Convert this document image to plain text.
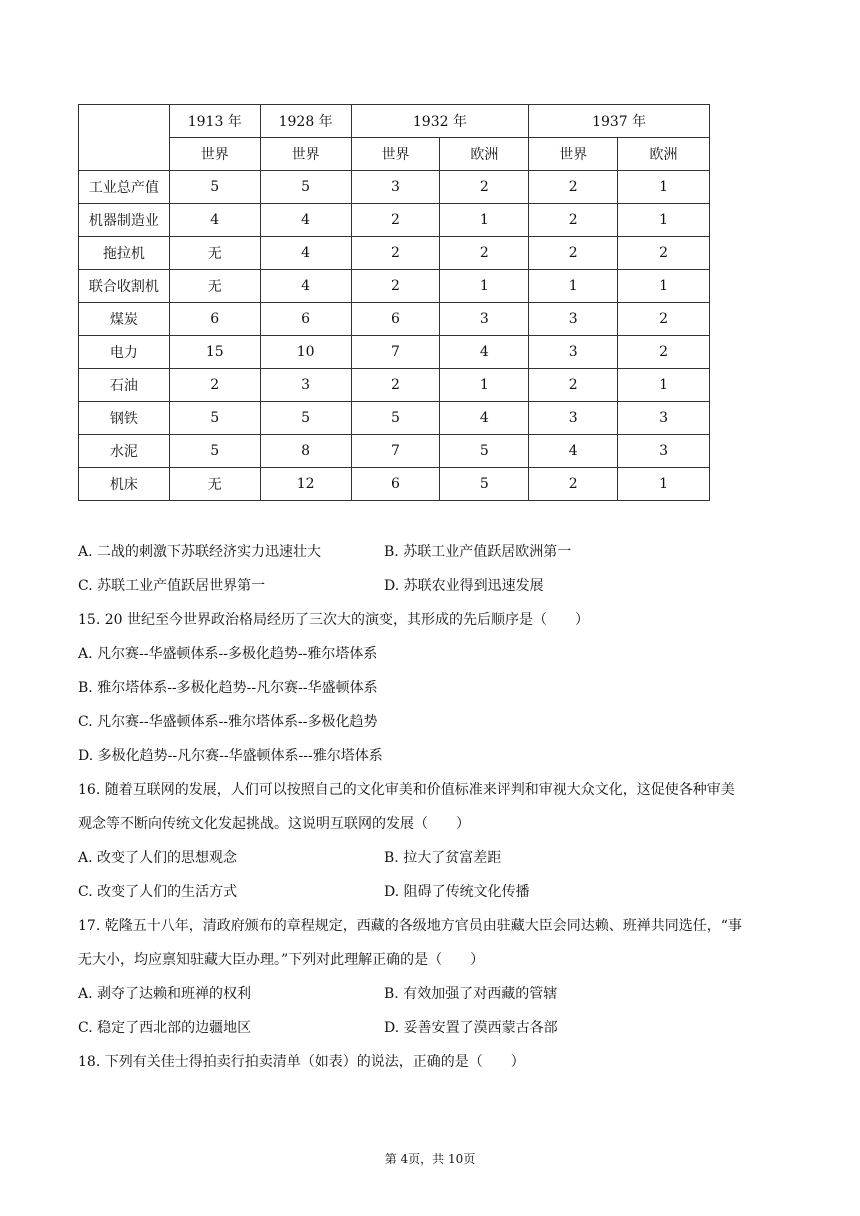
	1913 年	1928 年	1932 年		1937 年	
	世界	世界	世界	欧洲	世界	欧洲
工业总产值	5	5	3	2	2	1
机器制造业	4	4	2	1	2	1
拖拉机	无	4	2	2	2	2
联合收割机	无	4	2	1	1	1
煤炭	6	6	6	3	3	2
电力	15	10	7	4	3	2
石油	2	3	2	1	2	1
钢铁	5	5	5	4	3	3
水泥	5	8	7	5	4	3
机床	无	12	6	5	2	1
A. 二战的刺激下苏联经济实力迅速壮大	B. 苏联工业产值跃居欧洲第一
C. 苏联工业产值跃居世界第一	D. 苏联农业得到迅速发展
15. 20 世纪至今世界政治格局经历了三次大的演变，其形成的先后顺序是（　　）
A. 凡尔赛--华盛顿体系--多极化趋势--雅尔塔体系
B. 雅尔塔体系--多极化趋势--凡尔赛--华盛顿体系
C. 凡尔赛--华盛顿体系--雅尔塔体系--多极化趋势
D. 多极化趋势--凡尔赛--华盛顿体系---雅尔塔体系
16. 随着互联网的发展，人们可以按照自己的文化审美和价值标准来评判和审视大众文化，这促使各种审美
观念等不断向传统文化发起挑战。这说明互联网的发展（　　）
A. 改变了人们的思想观念	B. 拉大了贫富差距
C. 改变了人们的生活方式	D. 阻碍了传统文化传播
17. 乾隆五十八年，清政府颁布的章程规定，西藏的各级地方官员由驻藏大臣会同达赖、班禅共同选任，“事
无大小，均应禀知驻藏大臣办理。”下列对此理解正确的是（　　）
A. 剥夺了达赖和班禅的权利	B. 有效加强了对西藏的管辖
C. 稳定了西北部的边疆地区	D. 妥善安置了漠西蒙古各部
18. 下列有关佳士得拍卖行拍卖清单（如表）的说法，正确的是（　　）
第 4页，共 10页
